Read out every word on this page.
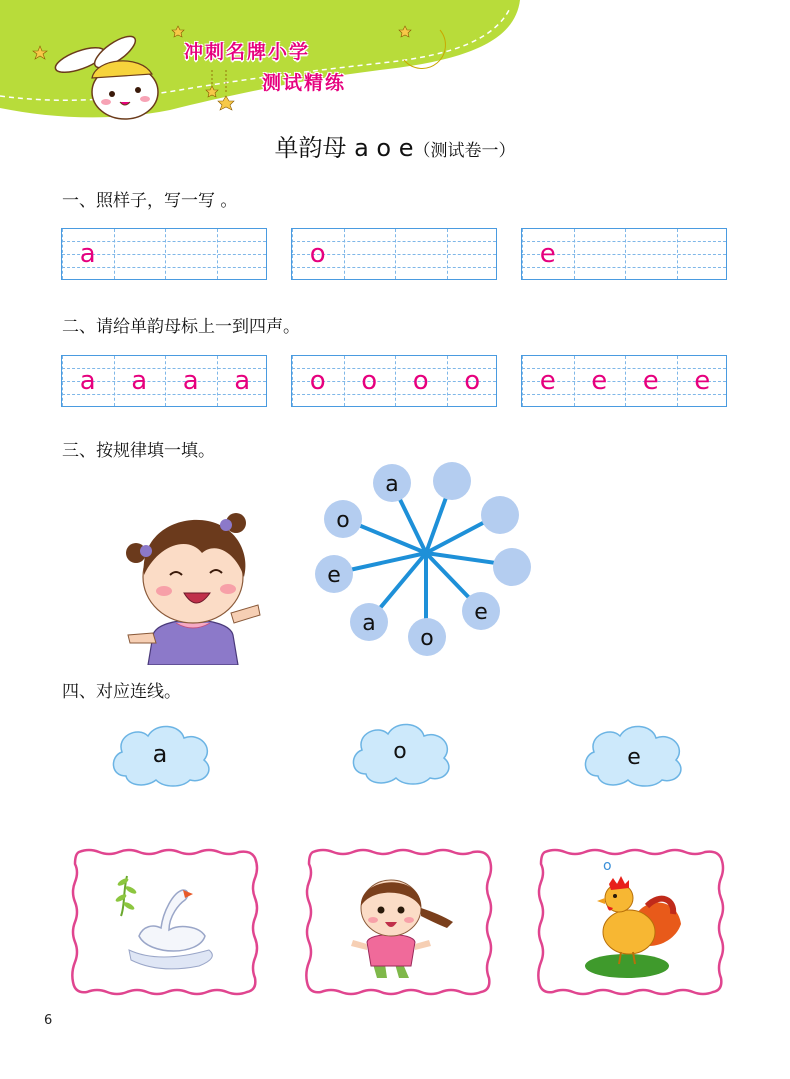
冲刺名牌小学
测试精练
单韵母 a o e（测试卷一）
一、照样子，写一写 。
a	o	e
二、请给单韵母标上一到四声。
a	a	a	a	o	o	o	o	e	e	e	e
三、按规律填一填。
a
e
o
a
e
o
四、对应连线。
a	o	e
o
6
